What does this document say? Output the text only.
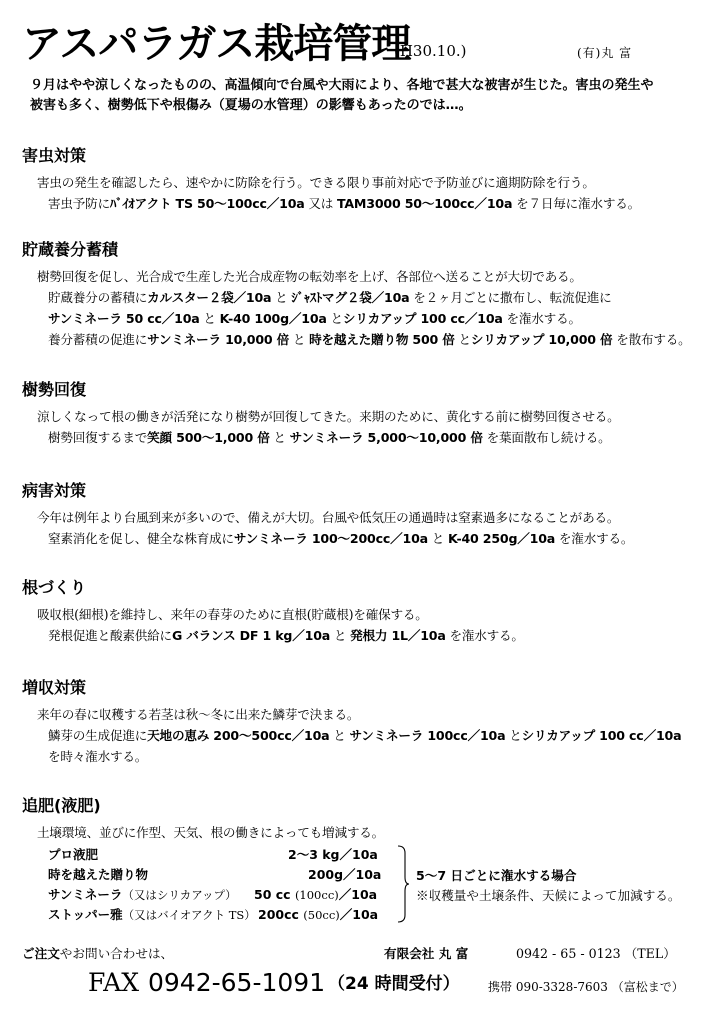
アスパラガス栽培管理
(H30.10.)	(有)丸 富
９月はやや涼しくなったものの、高温傾向で台風や大雨により、各地で甚大な被害が生じた。害虫の発生や
被害も多く、樹勢低下や根傷み（夏場の水管理）の影響もあったのでは…。
害虫対策
害虫の発生を確認したら、速やかに防除を行う。できる限り事前対応で予防並びに適期防除を行う。
害虫予防にﾊﾞｲｵアクト TS 50～100cc／10a 又は TAM3000 50～100cc／10a を７日毎に潅水する。
貯蔵養分蓄積
樹勢回復を促し、光合成で生産した光合成産物の転効率を上げ、各部位へ送ることが大切である。
貯蔵養分の蓄積にカルスター２袋／10a と ｼﾞｬｽﾄマグ２袋／10a を２ヶ月ごとに撒布し、転流促進に
サンミネーラ 50 cc／10a と K-40 100g／10a とシリカアップ 100 cc／10a を潅水する。
養分蓄積の促進にサンミネーラ 10,000 倍 と 時を越えた贈り物 500 倍 とシリカアップ 10,000 倍 を散布する。
樹勢回復
涼しくなって根の働きが活発になり樹勢が回復してきた。来期のために、黄化する前に樹勢回復させる。
樹勢回復するまで笑顔 500～1,000 倍 と サンミネーラ 5,000～10,000 倍 を葉面散布し続ける。
病害対策
今年は例年より台風到来が多いので、備えが大切。台風や低気圧の通過時は窒素過多になることがある。
窒素消化を促し、健全な株育成にサンミネーラ 100～200cc／10a と K-40 250g／10a を潅水する。
根づくり
吸収根(細根)を維持し、来年の春芽のために直根(貯蔵根)を確保する。
発根促進と酸素供給にG バランス DF 1 kg／10a と 発根力 1L／10a を潅水する。
増収対策
来年の春に収穫する若茎は秋～冬に出来た鱗芽で決まる。
鱗芽の生成促進に天地の恵み 200～500cc／10a と サンミネーラ 100cc／10a とシリカアップ 100 cc／10a
を時々潅水する。
追肥(液肥)
土壌環境、並びに作型、天気、根の働きによっても増減する。
プロ液肥	2～3 kg／10a
時を越えた贈り物	200g／10a
サンミネーラ（又はシリカアップ） 50 cc (100cc)／10a
ストッパー雅（又はバイオアクト TS） 200cc (50cc)／10a
5～7 日ごとに潅水する場合
※収穫量や土壌条件、天候によって加減する。
ご注文やお問い合わせは、	有限会社 丸 富	0942 - 65 - 0123 （TEL）
FAX 0942-65-1091 （24 時間受付） 携帯 090-3328-7603 （富松まで）
